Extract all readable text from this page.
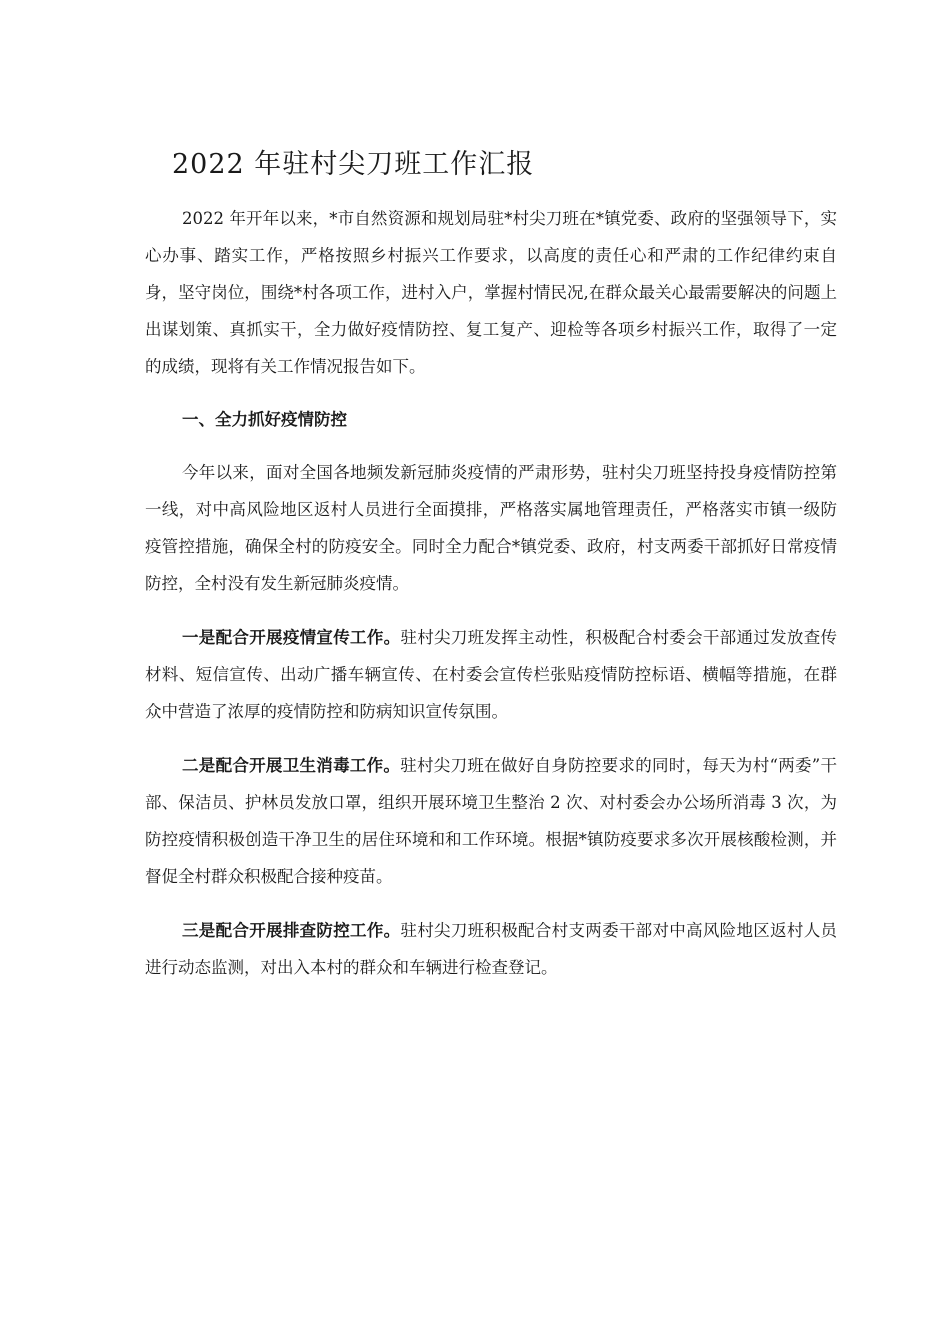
2022 年驻村尖刀班工作汇报

2022 年开年以来，*市自然资源和规划局驻*村尖刀班在*镇党委、政府的坚强领导下，实心办事、踏实工作，严格按照乡村振兴工作要求，以高度的责任心和严肃的工作纪律约束自身，坚守岗位，围绕*村各项工作，进村入户，掌握村情民况,在群众最关心最需要解决的问题上出谋划策、真抓实干，全力做好疫情防控、复工复产、迎检等各项乡村振兴工作，取得了一定的成绩，现将有关工作情况报告如下。

一、全力抓好疫情防控

今年以来，面对全国各地频发新冠肺炎疫情的严肃形势，驻村尖刀班坚持投身疫情防控第一线，对中高风险地区返村人员进行全面摸排，严格落实属地管理责任，严格落实市镇一级防疫管控措施，确保全村的防疫安全。同时全力配合*镇党委、政府，村支两委干部抓好日常疫情防控，全村没有发生新冠肺炎疫情。

一是配合开展疫情宣传工作。驻村尖刀班发挥主动性，积极配合村委会干部通过发放查传材料、短信宣传、出动广播车辆宣传、在村委会宣传栏张贴疫情防控标语、横幅等措施，在群众中营造了浓厚的疫情防控和防病知识宣传氛围。

二是配合开展卫生消毒工作。驻村尖刀班在做好自身防控要求的同时，每天为村“两委”干部、保洁员、护林员发放口罩，组织开展环境卫生整治 2 次、对村委会办公场所消毒 3 次，为防控疫情积极创造干净卫生的居住环境和和工作环境。根据*镇防疫要求多次开展核酸检测，并督促全村群众积极配合接种疫苗。

三是配合开展排查防控工作。驻村尖刀班积极配合村支两委干部对中高风险地区返村人员进行动态监测，对出入本村的群众和车辆进行检查登记。
